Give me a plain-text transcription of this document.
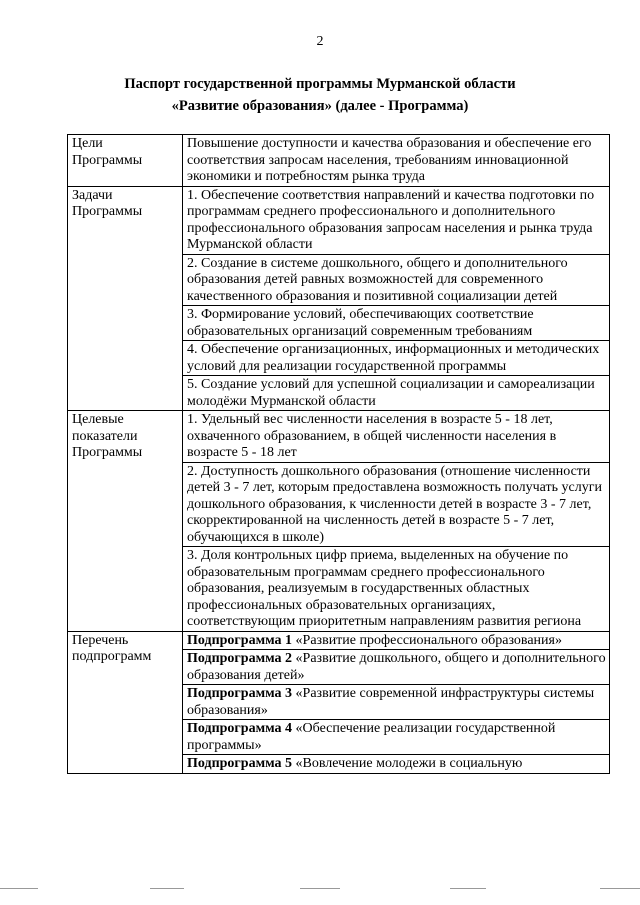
2
Паспорт государственной программы Мурманской области
«Развитие образования» (далее - Программа)
Цели
Программы	Повышение доступности и качества образования и обеспечение его соответствия запросам населения, требованиям инновационной экономики и потребностям рынка труда

Задачи
Программы	1. Обеспечение соответствия направлений и качества подготовки по программам среднего профессионального и дополнительного профессионального образования запросам населения и рынка труда Мурманской области
	2. Создание в системе дошкольного, общего и дополнительного образования детей равных возможностей для современного качественного образования и позитивной социализации детей
	3. Формирование условий, обеспечивающих соответствие образовательных организаций современным требованиям
	4. Обеспечение организационных, информационных и методических условий для реализации государственной программы
	5. Создание условий для успешной социализации и самореализации молодёжи Мурманской области

Целевые
показатели
Программы	1. Удельный вес численности населения в возрасте 5 - 18 лет, охваченного образованием, в общей численности населения в возрасте 5 - 18 лет
	2. Доступность дошкольного образования (отношение численности детей 3 - 7 лет, которым предоставлена возможность получать услуги дошкольного образования, к численности детей в возрасте 3 - 7 лет, скорректированной на численность детей в возрасте 5 - 7 лет, обучающихся в школе)
	3. Доля контрольных цифр приема, выделенных на обучение по образовательным программам среднего профессионального образования, реализуемым в государственных областных профессиональных образовательных организациях, соответствующим приоритетным направлениям развития региона

Перечень
подпрограмм	Подпрограмма 1 «Развитие профессионального образования»
	Подпрограмма 2 «Развитие дошкольного, общего и дополнительного образования детей»
	Подпрограмма 3 «Развитие современной инфраструктуры системы образования»
	Подпрограмма 4 «Обеспечение реализации государственной программы»
	Подпрограмма 5 «Вовлечение молодежи в социальную
